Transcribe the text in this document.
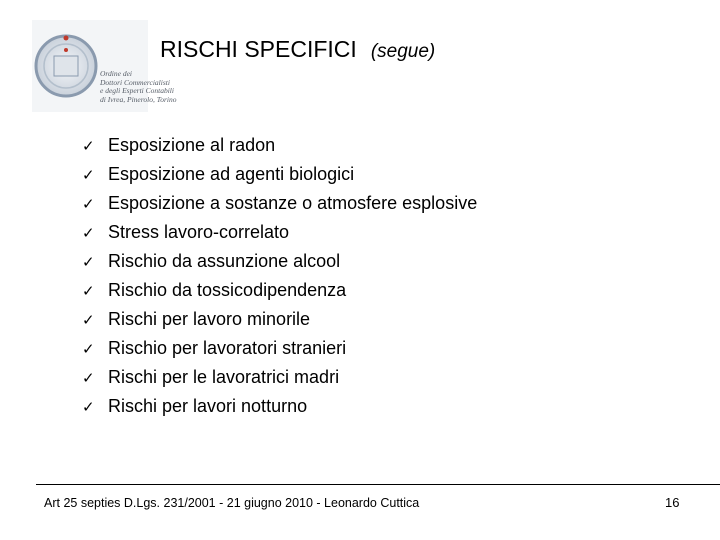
Ordine dei
Dottori Commercialisti
e degli Esperti Contabili
di Ivrea, Pinerolo, Torino
RISCHI SPECIFICI (segue)
✓ Esposizione al radon
✓ Esposizione ad agenti biologici
✓ Esposizione a sostanze o atmosfere esplosive
✓ Stress lavoro-correlato
✓ Rischio da assunzione alcool
✓ Rischio da tossicodipendenza
✓ Rischi per lavoro minorile
✓ Rischio per lavoratori stranieri
✓ Rischi per le lavoratrici madri
✓ Rischi per lavori notturno
Art 25 septies D.Lgs. 231/2001 - 21 giugno 2010 - Leonardo Cuttica	16
